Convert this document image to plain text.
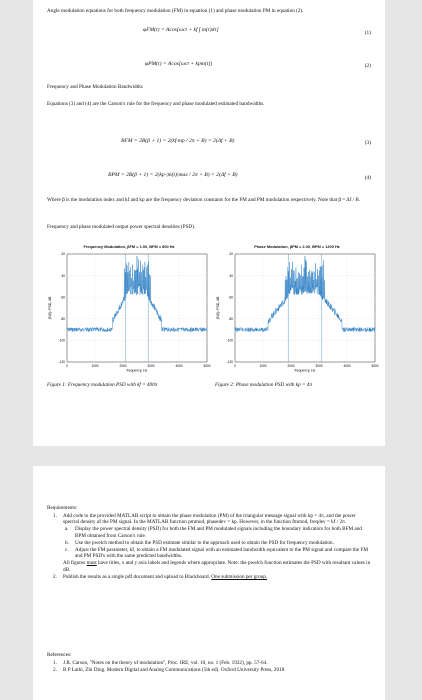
Angle modulation equations for both frequency modulation (FM) in equation (1) and phase modulation PM in equation (2).
φFM(t) = Acos[ωct + kf ∫ m(τ)dτ]	(1)
φPM(t) = Acos[ωct + kpm(t)]	(2)
Frequency and Phase Modulation Bandwidths
Equations (3) and (4) are the Carson's rule for the frequency and phase modulated estimated bandwidths.
BFM = 2B(β + 1) = 2(kf·mp / 2π + B) = 2(Δf + B)	(3)
BPM = 2B(β + 1) = 2(kp·|ṁ(t)|max / 2π + B) = 2(Δf + B)	(4)
Where β is the modulation index and kf and kp are the frequency deviation constants for the FM and PM modulation respectively. Note that β = Δf / B.
Frequency and phase modulated output power spectral densities (PSD).
Frequency Modulation, βFM = 1.00, BFM = 800 Hz
0	1000	2000	3000	4000	5000
-20
-40
-60
-80
-100
-120
frequency, Hz
|Φ(f)|² PSD, dB
Phase Modulation, βPM = 2.00, BPM = 1200 Hz
0	1000	2000	3000	4000	5000
-20
-40
-60
-80
-100
-120
frequency, Hz
|Φ(f)|² PSD, dB
Figure 1: Frequency modulation PSD with kf = 400π	Figure 2: Phase modulation PSD with kp = 4π
Requirements:
1. Add code to the provided MATLAB script to obtain the phase modulation (PM) of the triangular message signal with kp = 4π, and the power spectral density of the PM signal. In the MATLAB function pmmod, phasedev = kp. However, in the function fmmod, freqdev = kf / 2π.
a. Display the power spectral density (PSD) for both the FM and PM modulated signals including the boundary indicators for both BFM and BPM obtained from Carson's rule.
b. Use the pwelch method to obtain the PSD estimate similar to the approach used to obtain the PSD for frequency modulation.
c. Adjust the FM parameter, kf, to obtain a FM modulated signal with an estimated bandwidth equivalent to the PM signal and compare the FM and PM PSD's with the same predicted bandwidths.
All figures must have titles, x and y axis labels and legends where appropriate. Note: the pwelch function estimates the PSD with resultant values in dB.
2. Publish the results as a single pdf document and upload to Blackboard. One submission per group.
References:
1. J.R. Carson, "Notes on the theory of modulation", Proc. IRE, vol. 10, no. 1 (Feb. 1922), pp. 57-64.
2. B P Lathi, Zhi Ding. Modern Digital and Analog Communications (5th ed). Oxford University Press, 2018.
